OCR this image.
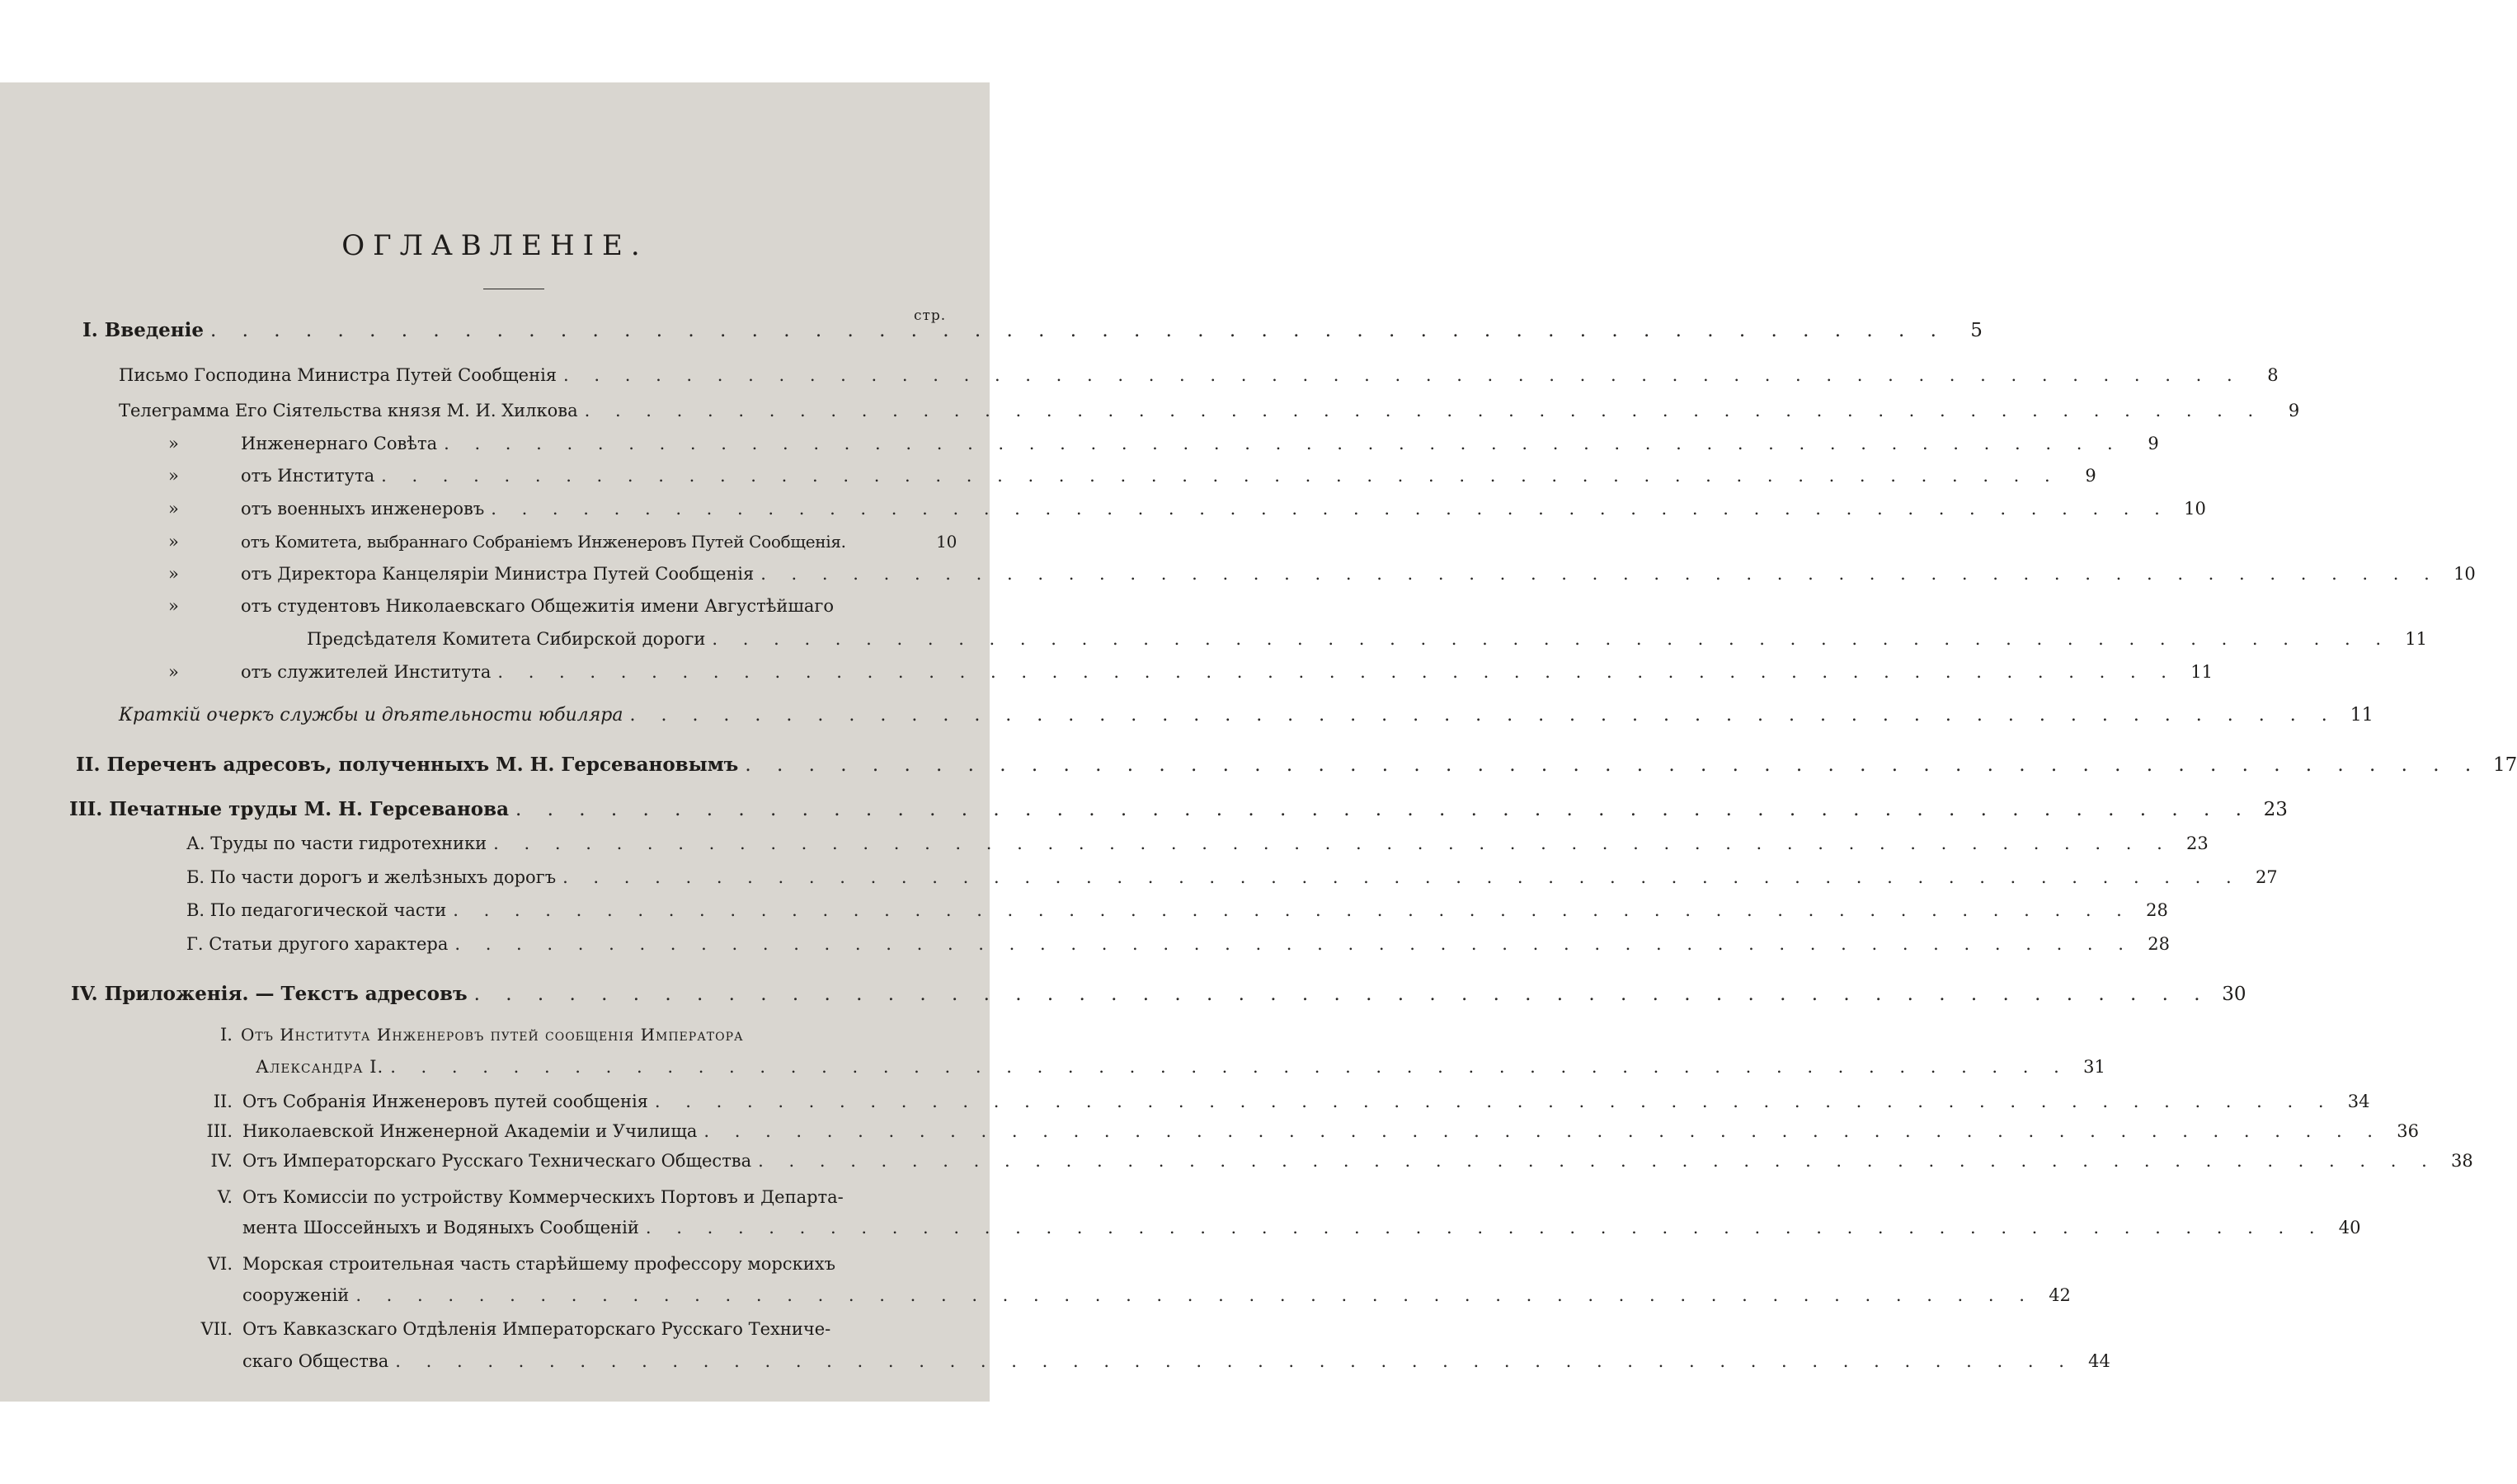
ОГЛАВЛЕНІЕ.
стр.
I. Введеніе . . . . . . . . . . . . . . . . . . . . . . . . . . . . . . . . . . . . . . . . . . . . . . . . . . . . . . .	5
Письмо Господина Министра Путей Сообщенія . . . . . . . . . . . . . . . . . . . . . . . . . . . . . . . . . . . . . . . . . . . . . . . . . . . . . . .	8
Телеграмма Его Сіятельства князя М. И. Хилкова . . . . . . . . . . . . . . . . . . . . . . . . . . . . . . . . . . . . . . . . . . . . . . . . . . . . . . .	9
»	Инженернаго Совѣта . . . . . . . . . . . . . . . . . . . . . . . . . . . . . . . . . . . . . . . . . . . . . . . . . . . . . . .	9
»	отъ Института . . . . . . . . . . . . . . . . . . . . . . . . . . . . . . . . . . . . . . . . . . . . . . . . . . . . . . .	9
»	отъ военныхъ инженеровъ . . . . . . . . . . . . . . . . . . . . . . . . . . . . . . . . . . . . . . . . . . . . . . . . . . . . . . . 10
»	отъ Комитета, выбраннаго Собраніемъ Инженеровъ Путей Сообщенія.	10
»	отъ Директора Канцеляріи Министра Путей Сообщенія . . . . . . . . . . . . . . . . . . . . . . . . . . . . . . . . . . . . . . . . . . . . . . . . . . . . . . . 10
»	отъ студентовъ Николаевскаго Общежитія имени Августѣйшаго
Предсѣдателя Комитета Сибирской дороги . . . . . . . . . . . . . . . . . . . . . . . . . . . . . . . . . . . . . . . . . . . . . . . . . . . . . . . 11
»	отъ служителей Института . . . . . . . . . . . . . . . . . . . . . . . . . . . . . . . . . . . . . . . . . . . . . . . . . . . . . . . 11
Краткій очеркъ службы и дѣятельности юбиляра . . . . . . . . . . . . . . . . . . . . . . . . . . . . . . . . . . . . . . . . . . . . . . . . . . . . . . . 11
II. Переченъ адресовъ, полученныхъ М. Н. Герсевановымъ . . . . . . . . . . . . . . . . . . . . . . . . . . . . . . . . . . . . . . . . . . . . . . . . . . . . . . . 17
III. Печатные труды М. Н. Герсеванова . . . . . . . . . . . . . . . . . . . . . . . . . . . . . . . . . . . . . . . . . . . . . . . . . . . . . . . 23
А. Труды по части гидротехники . . . . . . . . . . . . . . . . . . . . . . . . . . . . . . . . . . . . . . . . . . . . . . . . . . . . . . . 23
Б. По части дорогъ и желѣзныхъ дорогъ . . . . . . . . . . . . . . . . . . . . . . . . . . . . . . . . . . . . . . . . . . . . . . . . . . . . . . . 27
В. По педагогической части . . . . . . . . . . . . . . . . . . . . . . . . . . . . . . . . . . . . . . . . . . . . . . . . . . . . . . . 28
Г. Статьи другого характера . . . . . . . . . . . . . . . . . . . . . . . . . . . . . . . . . . . . . . . . . . . . . . . . . . . . . . . 28
IV. Приложенія. — Текстъ адресовъ . . . . . . . . . . . . . . . . . . . . . . . . . . . . . . . . . . . . . . . . . . . . . . . . . . . . . . . 30
I. Отъ Института Инженеровъ путей сообщенія Императора
Александра I. . . . . . . . . . . . . . . . . . . . . . . . . . . . . . . . . . . . . . . . . . . . . . . . . . . . . . . . 31
II. Отъ Собранія Инженеровъ путей сообщенія . . . . . . . . . . . . . . . . . . . . . . . . . . . . . . . . . . . . . . . . . . . . . . . . . . . . . . . 34
III. Николаевской Инженерной Академіи и Училища . . . . . . . . . . . . . . . . . . . . . . . . . . . . . . . . . . . . . . . . . . . . . . . . . . . . . . . 36
IV. Отъ Императорскаго Русскаго Техническаго Общества . . . . . . . . . . . . . . . . . . . . . . . . . . . . . . . . . . . . . . . . . . . . . . . . . . . . . . . 38
V. Отъ Комиссіи по устройству Коммерческихъ Портовъ и Департа-
мента Шоссейныхъ и Водяныхъ Сообщеній . . . . . . . . . . . . . . . . . . . . . . . . . . . . . . . . . . . . . . . . . . . . . . . . . . . . . . . 40
VI. Морская строительная часть старѣйшему профессору морскихъ
сооруженій . . . . . . . . . . . . . . . . . . . . . . . . . . . . . . . . . . . . . . . . . . . . . . . . . . . . . . . 42
VII. Отъ Кавказскаго Отдѣленія Императорскаго Русскаго Техниче-
скаго Общества . . . . . . . . . . . . . . . . . . . . . . . . . . . . . . . . . . . . . . . . . . . . . . . . . . . . . . . 44
